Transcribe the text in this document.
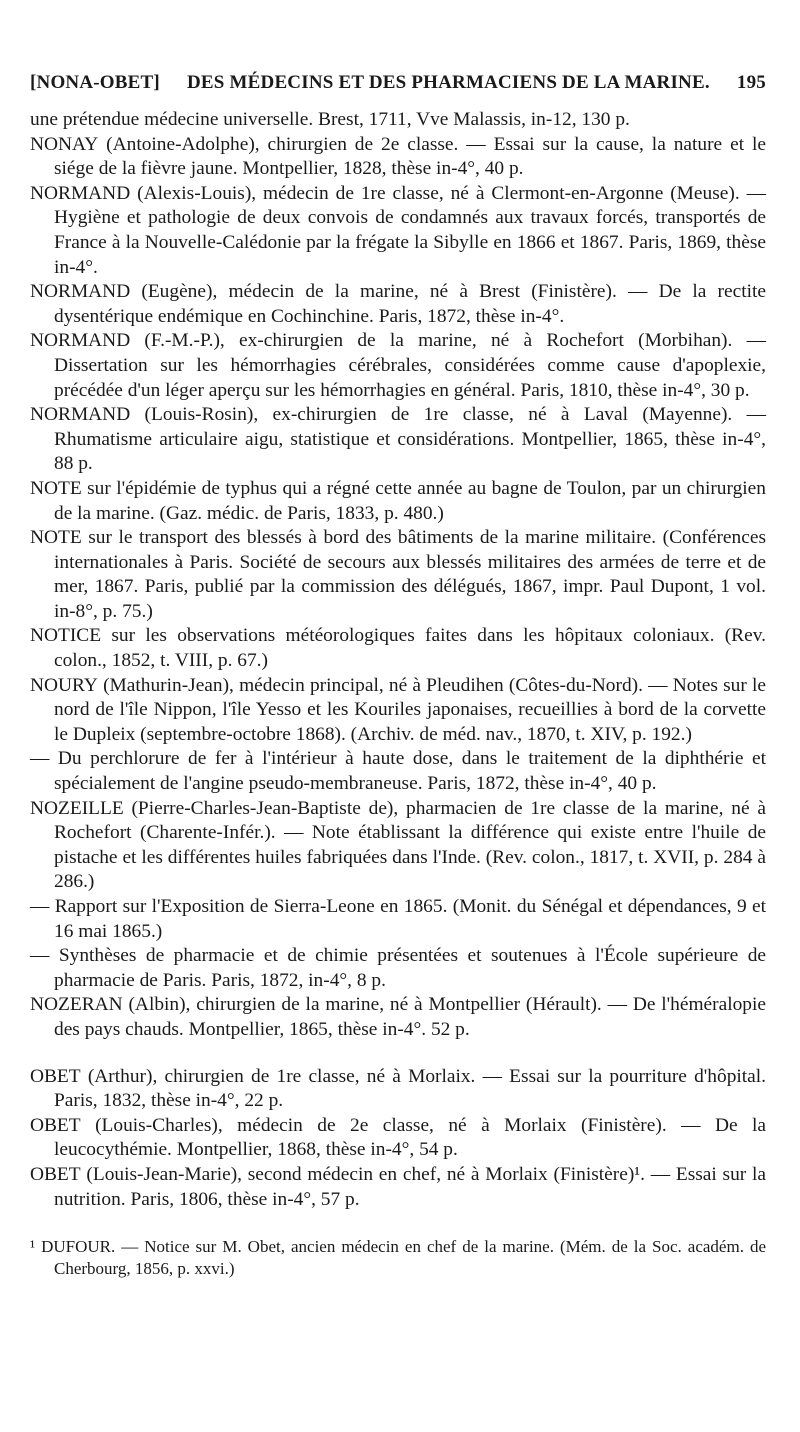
[NONA-OBET]	DES MÉDECINS ET DES PHARMACIENS DE LA MARINE.	195

une prétendue médecine universelle. Brest, 1711, Vve Malassis, in-12, 130 p.

NONAY (Antoine-Adolphe), chirurgien de 2e classe. — Essai sur la cause, la nature et le siége de la fièvre jaune. Montpellier, 1828, thèse in-4°, 40 p.

NORMAND (Alexis-Louis), médecin de 1re classe, né à Clermont-en-Argonne (Meuse). — Hygiène et pathologie de deux convois de condamnés aux travaux forcés, transportés de France à la Nouvelle-Calédonie par la frégate la Sibylle en 1866 et 1867. Paris, 1869, thèse in-4°.

NORMAND (Eugène), médecin de la marine, né à Brest (Finistère). — De la rectite dysentérique endémique en Cochinchine. Paris, 1872, thèse in-4°.

NORMAND (F.-M.-P.), ex-chirurgien de la marine, né à Rochefort (Morbihan). — Dissertation sur les hémorrhagies cérébrales, considérées comme cause d'apoplexie, précédée d'un léger aperçu sur les hémorrhagies en général. Paris, 1810, thèse in-4°, 30 p.

NORMAND (Louis-Rosin), ex-chirurgien de 1re classe, né à Laval (Mayenne). — Rhumatisme articulaire aigu, statistique et considérations. Montpellier, 1865, thèse in-4°, 88 p.

NOTE sur l'épidémie de typhus qui a régné cette année au bagne de Toulon, par un chirurgien de la marine. (Gaz. médic. de Paris, 1833, p. 480.)

NOTE sur le transport des blessés à bord des bâtiments de la marine militaire. (Conférences internationales à Paris. Société de secours aux blessés militaires des armées de terre et de mer, 1867. Paris, publié par la commission des délégués, 1867, impr. Paul Dupont, 1 vol. in-8°, p. 75.)

NOTICE sur les observations météorologiques faites dans les hôpitaux coloniaux. (Rev. colon., 1852, t. VIII, p. 67.)

NOURY (Mathurin-Jean), médecin principal, né à Pleudihen (Côtes-du-Nord). — Notes sur le nord de l'île Nippon, l'île Yesso et les Kouriles japonaises, recueillies à bord de la corvette le Dupleix (septembre-octobre 1868). (Archiv. de méd. nav., 1870, t. XIV, p. 192.)

— Du perchlorure de fer à l'intérieur à haute dose, dans le traitement de la diphthérie et spécialement de l'angine pseudo-membraneuse. Paris, 1872, thèse in-4°, 40 p.

NOZEILLE (Pierre-Charles-Jean-Baptiste de), pharmacien de 1re classe de la marine, né à Rochefort (Charente-Infér.). — Note établissant la différence qui existe entre l'huile de pistache et les différentes huiles fabriquées dans l'Inde. (Rev. colon., 1817, t. XVII, p. 284 à 286.)

— Rapport sur l'Exposition de Sierra-Leone en 1865. (Monit. du Sénégal et dépendances, 9 et 16 mai 1865.)

— Synthèses de pharmacie et de chimie présentées et soutenues à l'École supérieure de pharmacie de Paris. Paris, 1872, in-4°, 8 p.

NOZERAN (Albin), chirurgien de la marine, né à Montpellier (Hérault). — De l'héméralopie des pays chauds. Montpellier, 1865, thèse in-4°. 52 p.

OBET (Arthur), chirurgien de 1re classe, né à Morlaix. — Essai sur la pourriture d'hôpital. Paris, 1832, thèse in-4°, 22 p.

OBET (Louis-Charles), médecin de 2e classe, né à Morlaix (Finistère). — De la leucocythémie. Montpellier, 1868, thèse in-4°, 54 p.

OBET (Louis-Jean-Marie), second médecin en chef, né à Morlaix (Finistère)¹. — Essai sur la nutrition. Paris, 1806, thèse in-4°, 57 p.

¹ DUFOUR. — Notice sur M. Obet, ancien médecin en chef de la marine. (Mém. de la Soc. académ. de Cherbourg, 1856, p. xxvi.)
